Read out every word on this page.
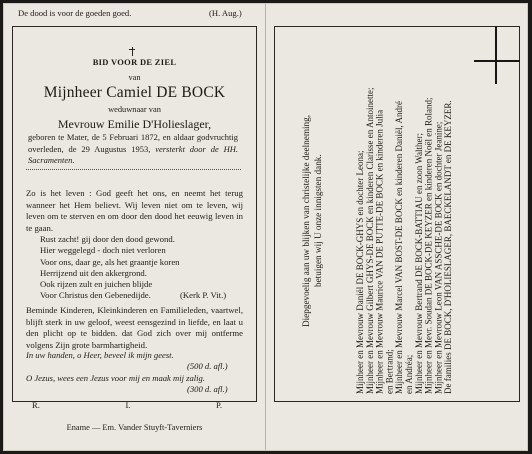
De dood is voor de goeden goed.	(H. Aug.)
BID VOOR DE ZIEL
van
Mijnheer Camiel DE BOCK
weduwnaar van
Mevrouw Emilie D'Holieslager,
geboren te Mater, de 5 Februari 1872, en aldaar godvruchtig overleden, de 29 Augustus 1953, versterkt door de HH. Sacramenten.
Zo is het leven : God geeft het ons, en neemt het terug wanneer het Hem believt. Wij leven niet om te leven, wij leven om te sterven en om door den dood het eeuwig leven in te gaan.
Rust zacht! gij door den dood gewond.
Hier weggelegd - doch niet verloren
Voor ons, daar ge, als het graantje koren
Herrijzend uit den akkergrond.
Ook rijzen zult en juichen blijde
Voor Christus den Gebenedijde.	(Kerk P. Vit.)
Beminde Kinderen, Kleinkinderen en Familieleden, vaartwel, blijft sterk in uw geloof, weest eensgezind in liefde, en laat u den plicht op te bidden. dat God zich over mij ontferme volgens Zijn grote barmhartigheid.
In uw handen, o Heer, beveel ik mijn geest.
(500 d. afl.)
O Jezus, wees een Jezus voor mij en maak mij zalig.
(300 d. afl.)
R.	I.	P.
Ename — Em. Vander Stuyft-Taverniers
Mijnheer en Mevrouw Daniël DE BOCK-GHYS en dochter Leona; Mijnheer en Mevrouw Gilbert GHYS-DE BOCK en kinderen Clarisse en Antoinette; Mijnheer en Mevrouw Maurice VAN DE PUTTE-DE BOCK en kinderen Julia en Bertrand; Mijnheer en Mevrouw Marcel VAN BOST-DE BOCK en kinderen Daniël, André en Andréa; Mijnheer en Mevrouw Bertrand DE BOCK-BATTIAU en zoon Walther; Mijnheer en Mevr. Soudan DE BOCK-DE KEYZER en kinderen Noël en Roland; Mijnheer en Mevrouw Leon VAN ASSCHE-DE BOCK en dochter Jeanine; De families DE BOCK, D'HOLIESLAGER, BAECKELANDT en DE KEYZER.
Diepgevoelig aan uw blijken van christelijke deelneming, betuigen wij U onze innigsten dank.
